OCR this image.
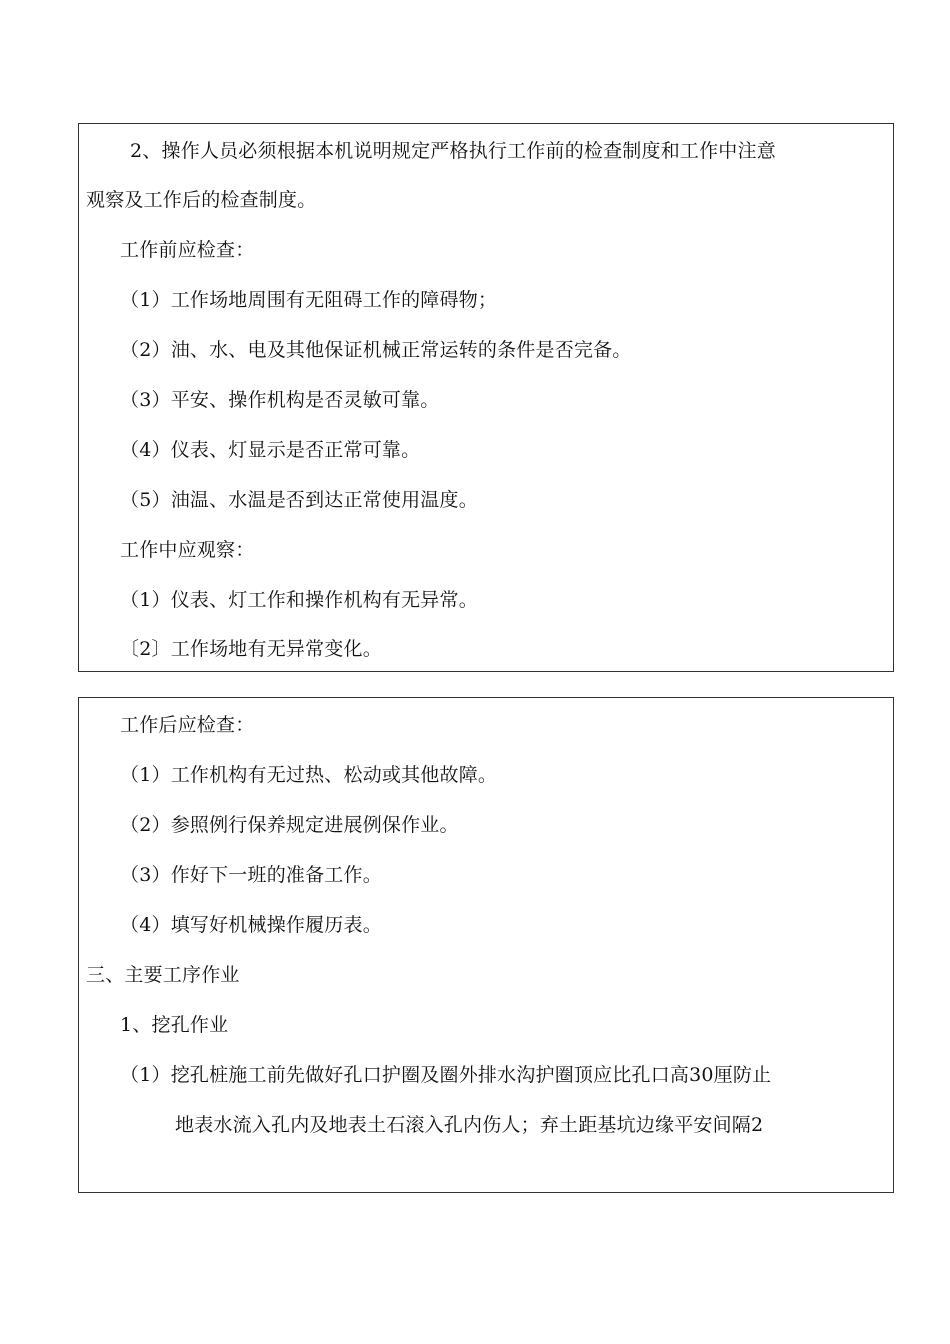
2、操作人员必须根据本机说明规定严格执行工作前的检查制度和工作中注意
观察及工作后的检查制度。
工作前应检查：
（1）工作场地周围有无阻碍工作的障碍物；
（2）油、水、电及其他保证机械正常运转的条件是否完备。
（3）平安、操作机构是否灵敏可靠。
（4）仪表、灯显示是否正常可靠。
（5）油温、水温是否到达正常使用温度。
工作中应观察：
（1）仪表、灯工作和操作机构有无异常。
〔2〕工作场地有无异常变化。
工作后应检查：
（1）工作机构有无过热、松动或其他故障。
（2）参照例行保养规定进展例保作业。
（3）作好下一班的准备工作。
（4）填写好机械操作履历表。
三、主要工序作业
1、挖孔作业
（1）挖孔桩施工前先做好孔口护圈及圈外排水沟护圈顶应比孔口高30厘防止
地表水流入孔内及地表土石滚入孔内伤人；弃土距基坑边缘平安间隔2
